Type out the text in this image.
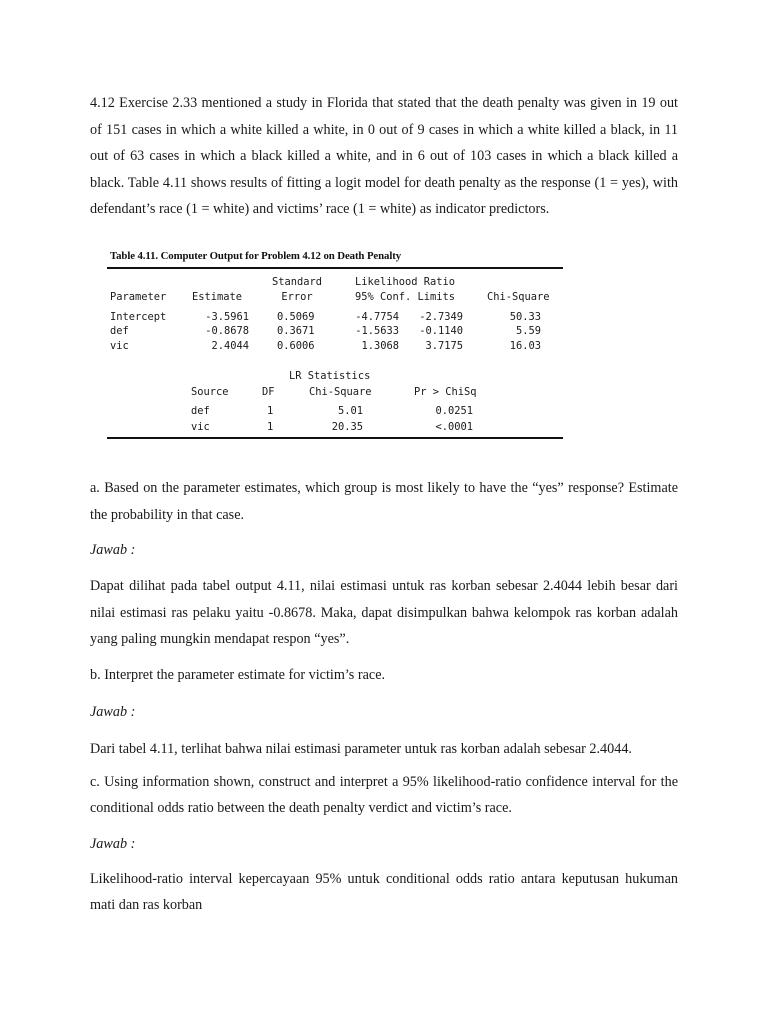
4.12 Exercise 2.33 mentioned a study in Florida that stated that the death penalty was given in 19 out of 151 cases in which a white killed a white, in 0 out of 9 cases in which a white killed a black, in 11 out of 63 cases in which a black killed a white, and in 6 out of 103 cases in which a black killed a black. Table 4.11 shows results of fitting a logit model for death penalty as the response (1 = yes), with defendant’s race (1 = white) and victims’ race (1 = white) as indicator predictors.

Table 4.11. Computer Output for Problem 4.12 on Death Penalty
Standard	Likelihood Ratio
Parameter Estimate	Error	95% Conf. Limits	Chi-Square
Intercept	-3.5961	0.5069	-4.7754	-2.7349	50.33
def	-0.8678	0.3671	-1.5633	-0.1140	5.59
vic	2.4044	0.6006	1.3068	3.7175	16.03
LR Statistics
Source	DF	Chi-Square	Pr > ChiSq
def	1	5.01	0.0251
vic	1	20.35	<.0001

a. Based on the parameter estimates, which group is most likely to have the “yes” response? Estimate the probability in that case.

Jawab :

Dapat dilihat pada tabel output 4.11, nilai estimasi untuk ras korban sebesar 2.4044 lebih besar dari nilai estimasi ras pelaku yaitu -0.8678. Maka, dapat disimpulkan bahwa kelompok ras korban adalah yang paling mungkin mendapat respon “yes”.

b. Interpret the parameter estimate for victim’s race.

Jawab :

Dari tabel 4.11, terlihat bahwa nilai estimasi parameter untuk ras korban adalah sebesar 2.4044.

c. Using information shown, construct and interpret a 95% likelihood-ratio confidence interval for the conditional odds ratio between the death penalty verdict and victim’s race.

Jawab :

Likelihood-ratio interval kepercayaan 95% untuk conditional odds ratio antara keputusan hukuman mati dan ras korban
